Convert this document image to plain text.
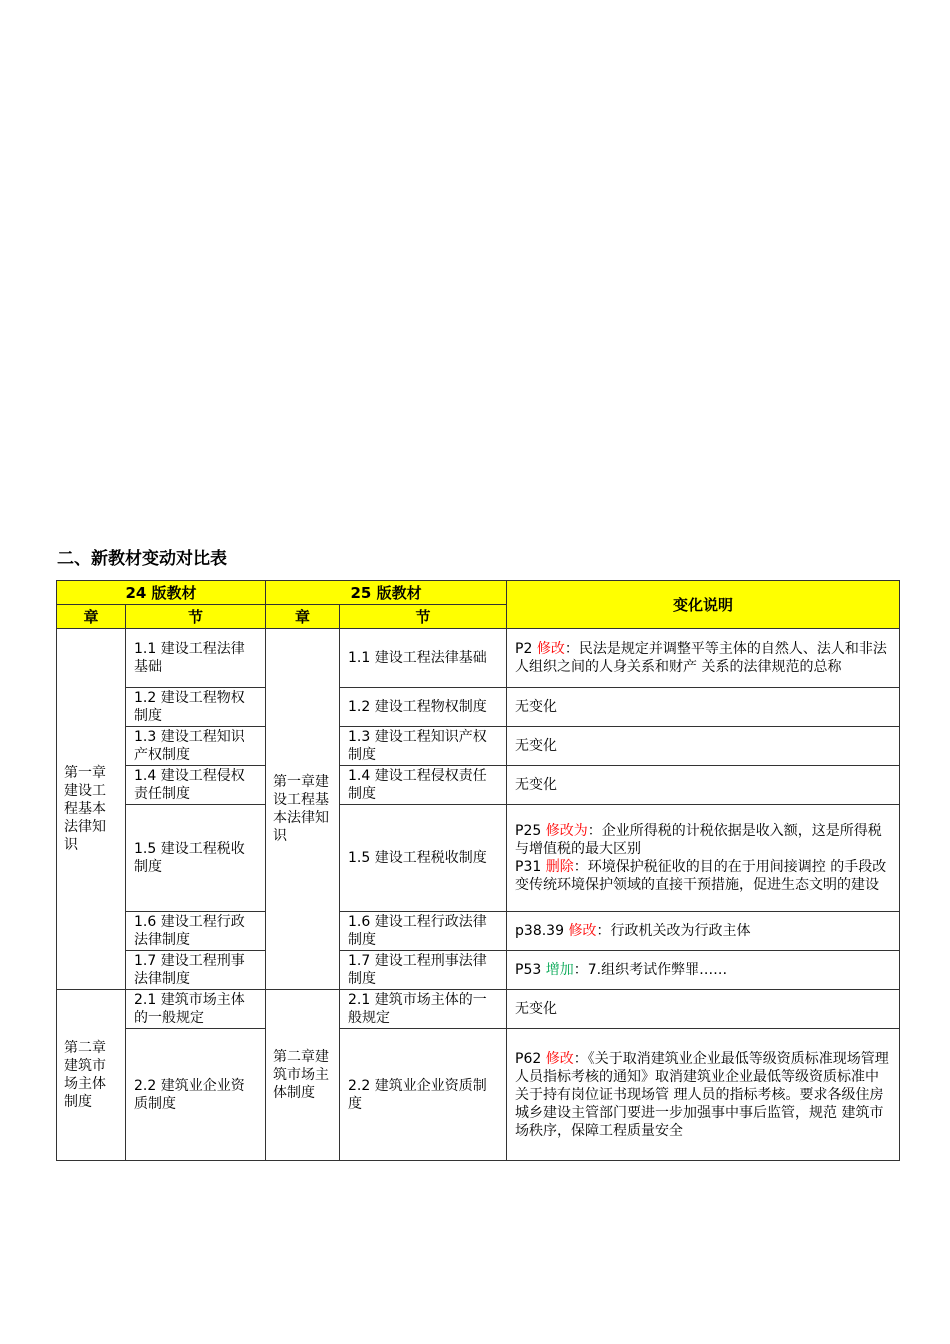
二、新教材变动对比表
24 版教材		25 版教材		变化说明
章	节	章	节	
第一章建设工程基本法律知识	1.1 建设工程法律基础	第一章建设工程基本法律知识	1.1 建设工程法律基础	P2 修改：民法是规定并调整平等主体的自然人、法人和非法人组织之间的人身关系和财产 关系的法律规范的总称
	1.2 建设工程物权制度		1.2 建设工程物权制度	无变化
	1.3 建设工程知识产权制度		1.3 建设工程知识产权制度	无变化
	1.4 建设工程侵权责任制度		1.4 建设工程侵权责任制度	无变化
	1.5 建设工程税收制度		1.5 建设工程税收制度	P25 修改为：企业所得税的计税依据是收入额，这是所得税与增值税的最大区别
P31 删除：环境保护税征收的目的在于用间接调控 的手段改变传统环境保护领域的直接干预措施，促进生态文明的建设

	1.6 建设工程行政法律制度		1.6 建设工程行政法律制度	p38.39 修改：行政机关改为行政主体
	1.7 建设工程刑事法律制度		1.7 建设工程刑事法律制度	P53 增加：7.组织考试作弊罪……
第二章建筑市场主体制度	2.1 建筑市场主体的一般规定	第二章建筑市场主体制度	2.1 建筑市场主体的一般规定	无变化
	2.2 建筑业企业资质制度		2.2 建筑业企业资质制度	P62 修改：《关于取消建筑业企业最低等级资质标准现场管理人员指标考核的通知》取消建筑业企业最低等级资质标准中关于持有岗位证书现场管 理人员的指标考核。要求各级住房城乡建设主管部门要进一步加强事中事后监管，规范 建筑市场秩序，保障工程质量安全
